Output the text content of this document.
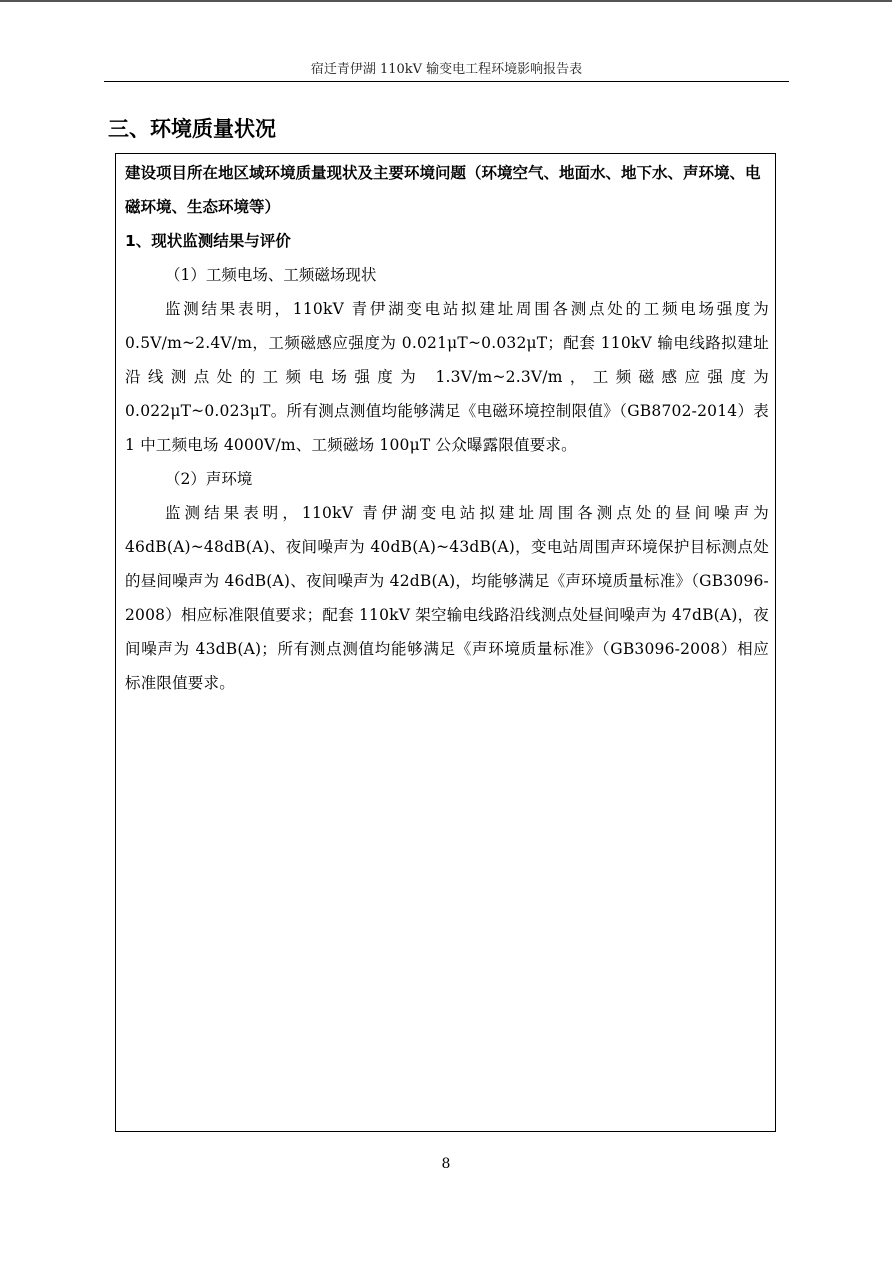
宿迁青伊湖 110kV 输变电工程环境影响报告表
三、环境质量状况

建设项目所在地区域环境质量现状及主要环境问题（环境空气、地面水、地下水、声环境、电磁环境、生态环境等）

1、现状监测结果与评价

（1）工频电场、工频磁场现状

监测结果表明，110kV 青伊湖变电站拟建址周围各测点处的工频电场强度为 0.5V/m~2.4V/m，工频磁感应强度为 0.021μT~0.032μT；配套 110kV 输电线路拟建址沿线测点处的工频电场强度为 1.3V/m~2.3V/m，工频磁感应强度为 0.022μT~0.023μT。所有测点测值均能够满足《电磁环境控制限值》（GB8702-2014）表 1 中工频电场 4000V/m、工频磁场 100μT 公众曝露限值要求。

（2）声环境

监测结果表明，110kV 青伊湖变电站拟建址周围各测点处的昼间噪声为 46dB(A)~48dB(A)、夜间噪声为 40dB(A)~43dB(A)，变电站周围声环境保护目标测点处的昼间噪声为 46dB(A)、夜间噪声为 42dB(A)，均能够满足《声环境质量标准》（GB3096-2008）相应标准限值要求；配套 110kV 架空输电线路沿线测点处昼间噪声为 47dB(A)，夜间噪声为 43dB(A)；所有测点测值均能够满足《声环境质量标准》（GB3096-2008）相应标准限值要求。

8
